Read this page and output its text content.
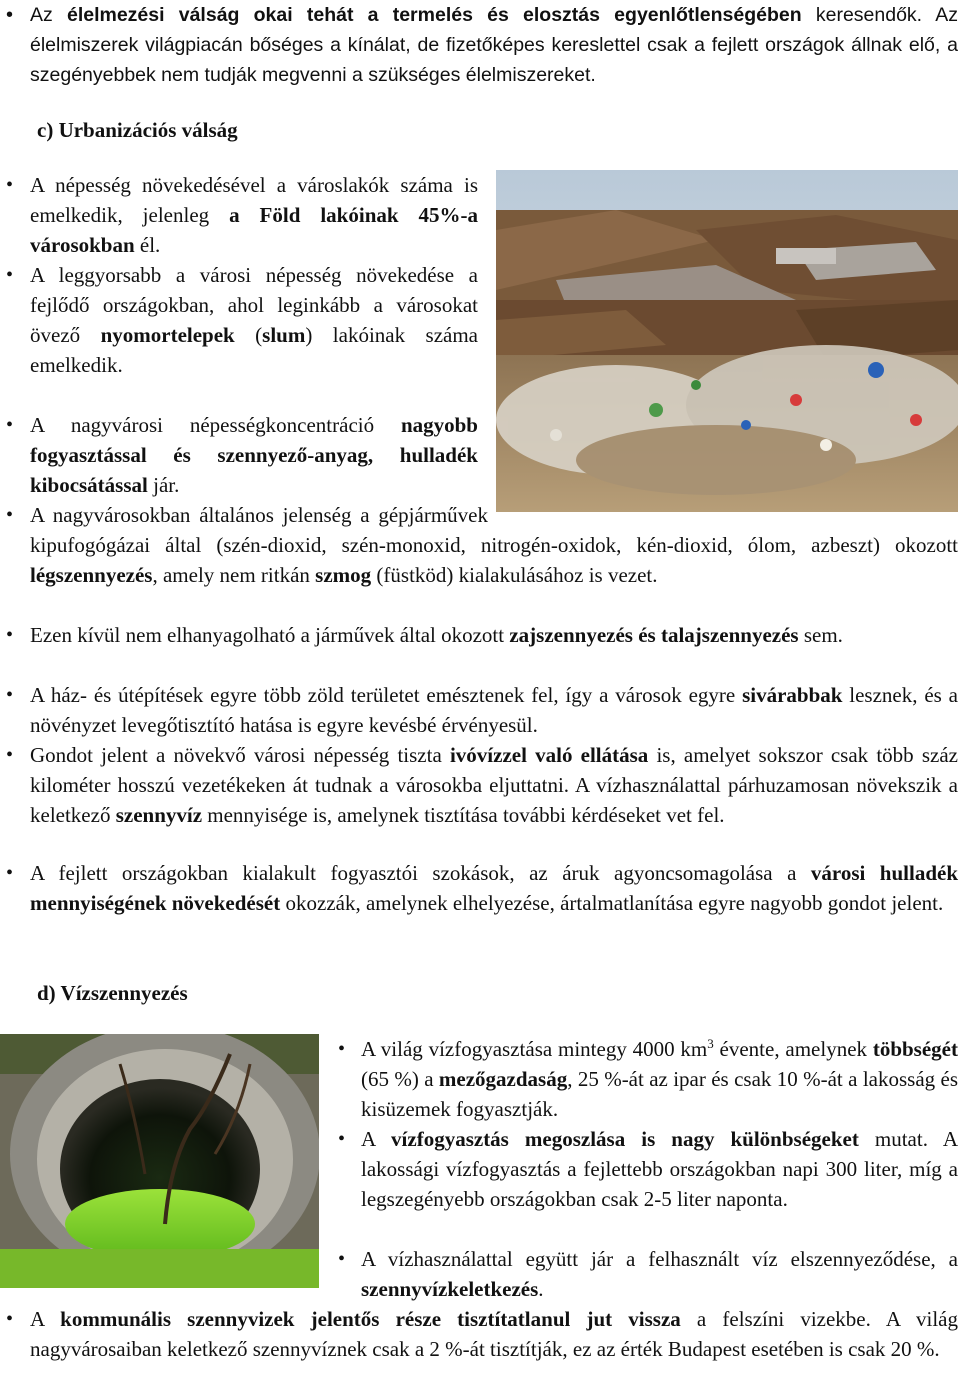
• Az élelmezési válság okai tehát a termelés és elosztás egyenlőtlenségében keresendők. Az élelmiszerek világpiacán bőséges a kínálat, de fizetőképes kereslettel csak a fejlett országok állnak elő, a szegényebbek nem tudják megvenni a szükséges élelmiszereket.
c) Urbanizációs válság
• A népesség növekedésével a városlakók száma is emelkedik, jelenleg a Föld lakóinak 45%-a városokban él.
• A leggyorsabb a városi népesség növekedése a fejlődő országokban, ahol leginkább a városokat övező nyomortelepek (slum) lakóinak száma emelkedik.
• A nagyvárosi népességkoncentráció nagyobb fogyasztással és szennyező-anyag, hulladék kibocsátással jár.
• A nagyvárosokban általános jelenség a gépjárművek kipufogógázai által (szén-dioxid, szén-monoxid, nitrogén-oxidok, kén-dioxid, ólom, azbeszt) okozott légszennyezés, amely nem ritkán szmog (füstköd) kialakulásához is vezet.
• Ezen kívül nem elhanyagolható a járművek által okozott zajszennyezés és talajszennyezés sem.
• A ház- és útépítések egyre több zöld területet emésztenek fel, így a városok egyre sivárabbak lesznek, és a növényzet levegőtisztító hatása is egyre kevésbé érvényesül.
• Gondot jelent a növekvő városi népesség tiszta ivóvízzel való ellátása is, amelyet sokszor csak több száz kilométer hosszú vezetékeken át tudnak a városokba eljuttatni. A vízhasználattal párhuzamosan növekszik a keletkező szennyvíz mennyisége is, amelynek tisztítása további kérdéseket vet fel.
• A fejlett országokban kialakult fogyasztói szokások, az áruk agyoncsomagolása a városi hulladék mennyiségének növekedését okozzák, amelynek elhelyezése, ártalmatlanítása egyre nagyobb gondot jelent.
d) Vízszennyezés
• A világ vízfogyasztása mintegy 4000 $km^3$ évente, amelynek többségét (65 %) a mezőgazdaság, 25 %-át az ipar és csak 10 %-át a lakosság és kisüzemek fogyasztják.
• A vízfogyasztás megoszlása is nagy különbségeket mutat. A lakossági vízfogyasztás a fejlettebb országokban napi 300 liter, míg a legszegényebb országokban csak 2-5 liter naponta.
• A vízhasználattal együtt jár a felhasznált víz elszennyeződése, a szennyvízkeletkezés.
• A kommunális szennyvizek jelentős része tisztítatlanul jut vissza a felszíni vizekbe. A világ nagyvárosaiban keletkező szennyvíznek csak a 2 %-át tisztítják, ez az érték Budapest esetében is csak 20 %.
